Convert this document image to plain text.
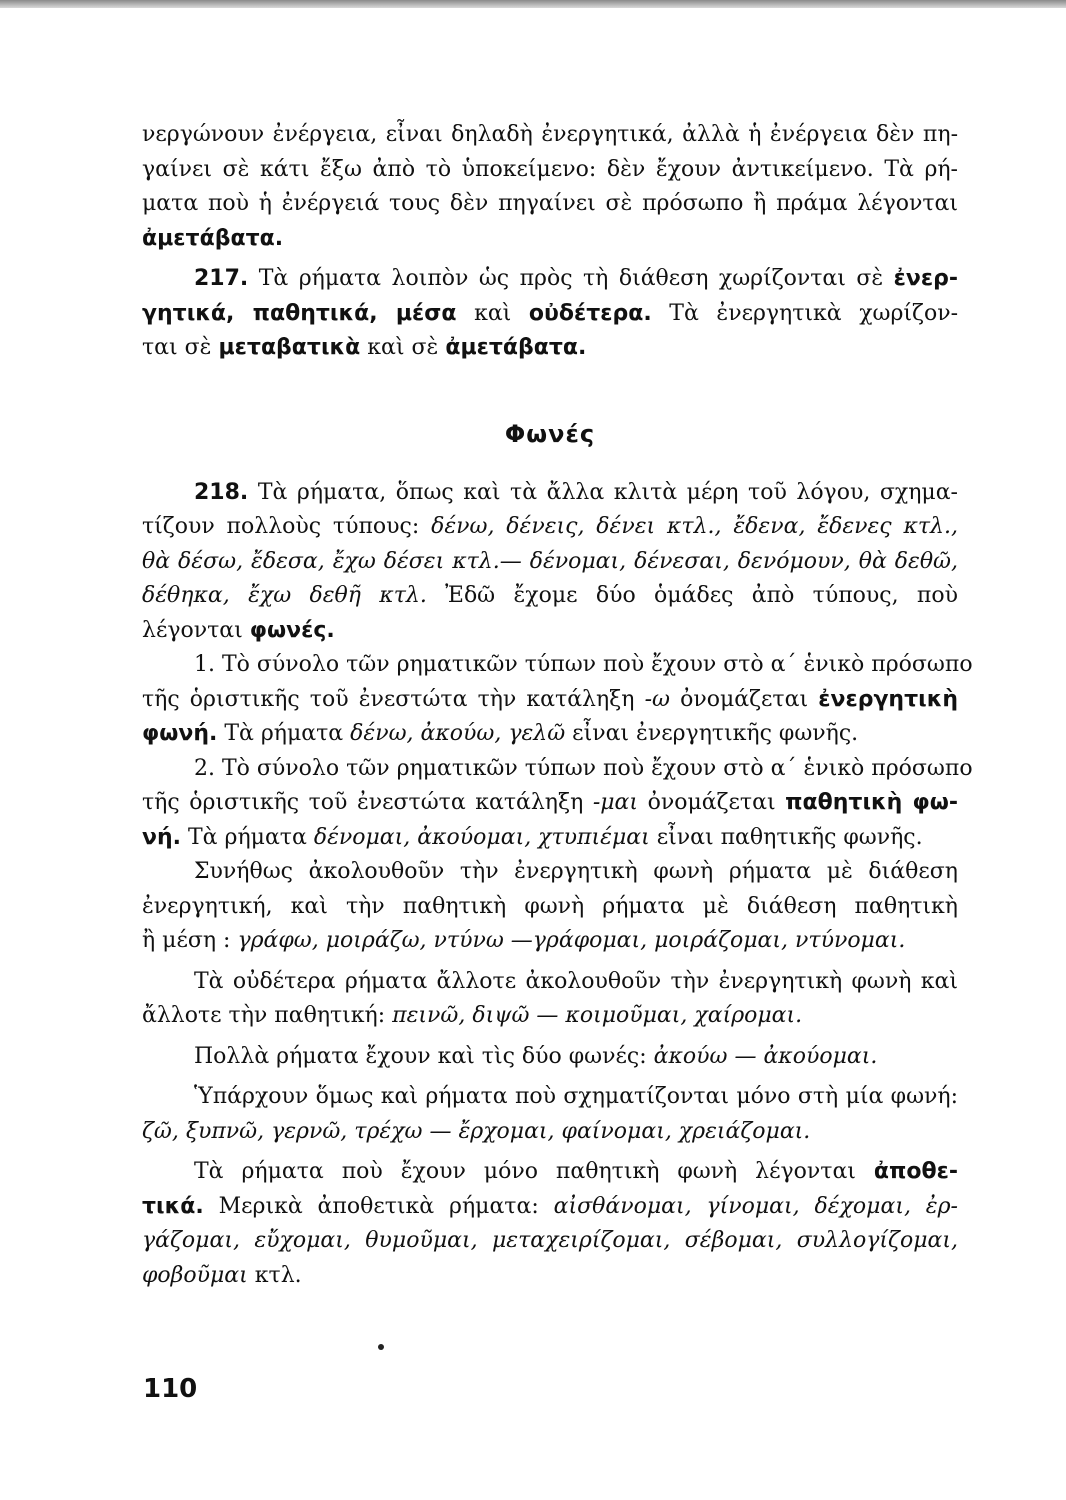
νεργώνουν ἐνέργεια, εἶναι δηλαδὴ ἐνεργητικά, ἀλλὰ ἡ ἐνέργεια δὲν πη-
γαίνει σὲ κάτι ἔξω ἀπὸ τὸ ὑποκείμενο: δὲν ἔχουν ἀντικείμενο. Τὰ ρή-
ματα ποὺ ἡ ἐνέργειά τους δὲν πηγαίνει σὲ πρόσωπο ἢ πράμα λέγονται
ἀμετάβατα.
217. Τὰ ρήματα λοιπὸν ὡς πρὸς τὴ διάθεση χωρίζονται σὲ ἐνερ-
γητικά, παθητικά, μέσα καὶ οὐδέτερα. Τὰ ἐνεργητικὰ χωρίζον-
ται σὲ μεταβατικὰ καὶ σὲ ἀμετάβατα.
Φωνές
218. Τὰ ρήματα, ὅπως καὶ τὰ ἄλλα κλιτὰ μέρη τοῦ λόγου, σχημα-
τίζουν πολλοὺς τύπους: δένω, δένεις, δένει κτλ., ἔδενα, ἔδενες κτλ.,
θὰ δέσω, ἔδεσα, ἔχω δέσει κτλ.— δένομαι, δένεσαι, δενόμουν, θὰ δεθῶ,
δέθηκα, ἔχω δεθῆ κτλ. Ἐδῶ ἔχομε δύο ὁμάδες ἀπὸ τύπους, ποὺ
λέγονται φωνές.
1. Τὸ σύνολο τῶν ρηματικῶν τύπων ποὺ ἔχουν στὸ α΄ ἑνικὸ πρόσωπο
τῆς ὁριστικῆς τοῦ ἐνεστώτα τὴν κατάληξη -ω ὀνομάζεται ἐνεργητικὴ
φωνή. Τὰ ρήματα δένω, ἀκούω, γελῶ εἶναι ἐνεργητικῆς φωνῆς.
2. Τὸ σύνολο τῶν ρηματικῶν τύπων ποὺ ἔχουν στὸ α΄ ἑνικὸ πρόσωπο
τῆς ὁριστικῆς τοῦ ἐνεστώτα κατάληξη -μαι ὀνομάζεται παθητικὴ φω-
νή. Τὰ ρήματα δένομαι, ἀκούομαι, χτυπιέμαι εἶναι παθητικῆς φωνῆς.
Συνήθως ἀκολουθοῦν τὴν ἐνεργητικὴ φωνὴ ρήματα μὲ διάθεση
ἐνεργητική, καὶ τὴν παθητικὴ φωνὴ ρήματα μὲ διάθεση παθητικὴ
ἢ μέση : γράφω, μοιράζω, ντύνω —γράφομαι, μοιράζομαι, ντύνομαι.
Τὰ οὐδέτερα ρήματα ἄλλοτε ἀκολουθοῦν τὴν ἐνεργητικὴ φωνὴ καὶ
ἄλλοτε τὴν παθητική: πεινῶ, διψῶ — κοιμοῦμαι, χαίρομαι.
Πολλὰ ρήματα ἔχουν καὶ τὶς δύο φωνές: ἀκούω — ἀκούομαι.
Ὑπάρχουν ὅμως καὶ ρήματα ποὺ σχηματίζονται μόνο στὴ μία φωνή:
ζῶ, ξυπνῶ, γερνῶ, τρέχω — ἔρχομαι, φαίνομαι, χρειάζομαι.
Τὰ ρήματα ποὺ ἔχουν μόνο παθητικὴ φωνὴ λέγονται ἀποθε-
τικά. Μερικὰ ἀποθετικὰ ρήματα: αἰσθάνομαι, γίνομαι, δέχομαι, ἐρ-
γάζομαι, εὔχομαι, θυμοῦμαι, μεταχειρίζομαι, σέβομαι, συλλογίζομαι,
φοβοῦμαι κτλ.
110
